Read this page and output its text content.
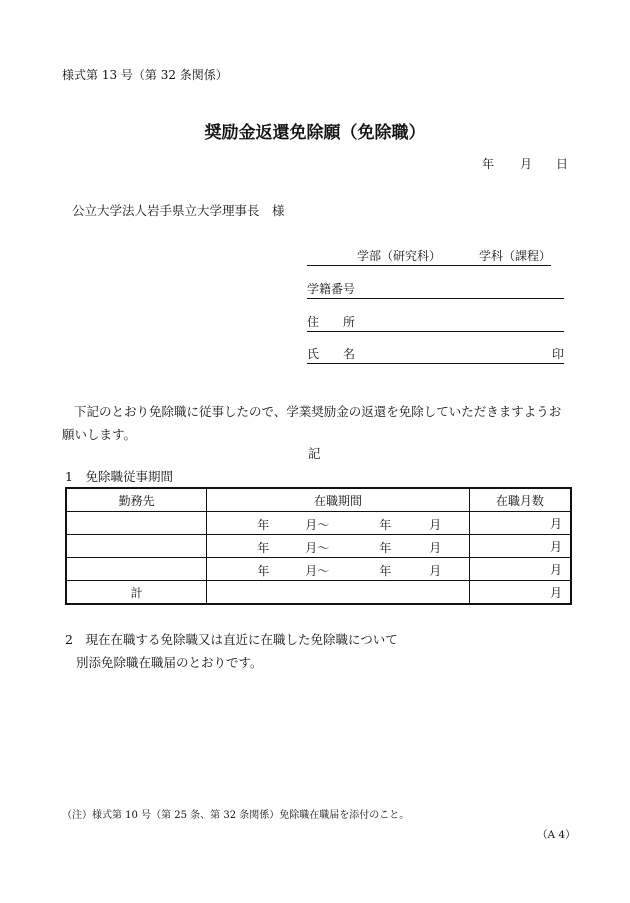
様式第 13 号（第 32 条関係）
奨励金返還免除願（免除職）
年 月 日
公立大学法人岩手県立大学理事長　様
学部（研究科）	学科（課程）
学籍番号
住 所
氏 名	印
下記のとおり免除職に従事したので、学業奨励金の返還を免除していただきますようお願いします。
記
1　免除職従事期間
勤務先	在職期間	在職月数

	年 月～ 年 月	月

	年 月～ 年 月	月

	年 月～ 年 月	月
計		月
2　現在在職する免除職又は直近に在職した免除職について
別添免除職在職届のとおりです。
（注）様式第 10 号（第 25 条、第 32 条関係）免除職在職届を添付のこと。
（A 4）
